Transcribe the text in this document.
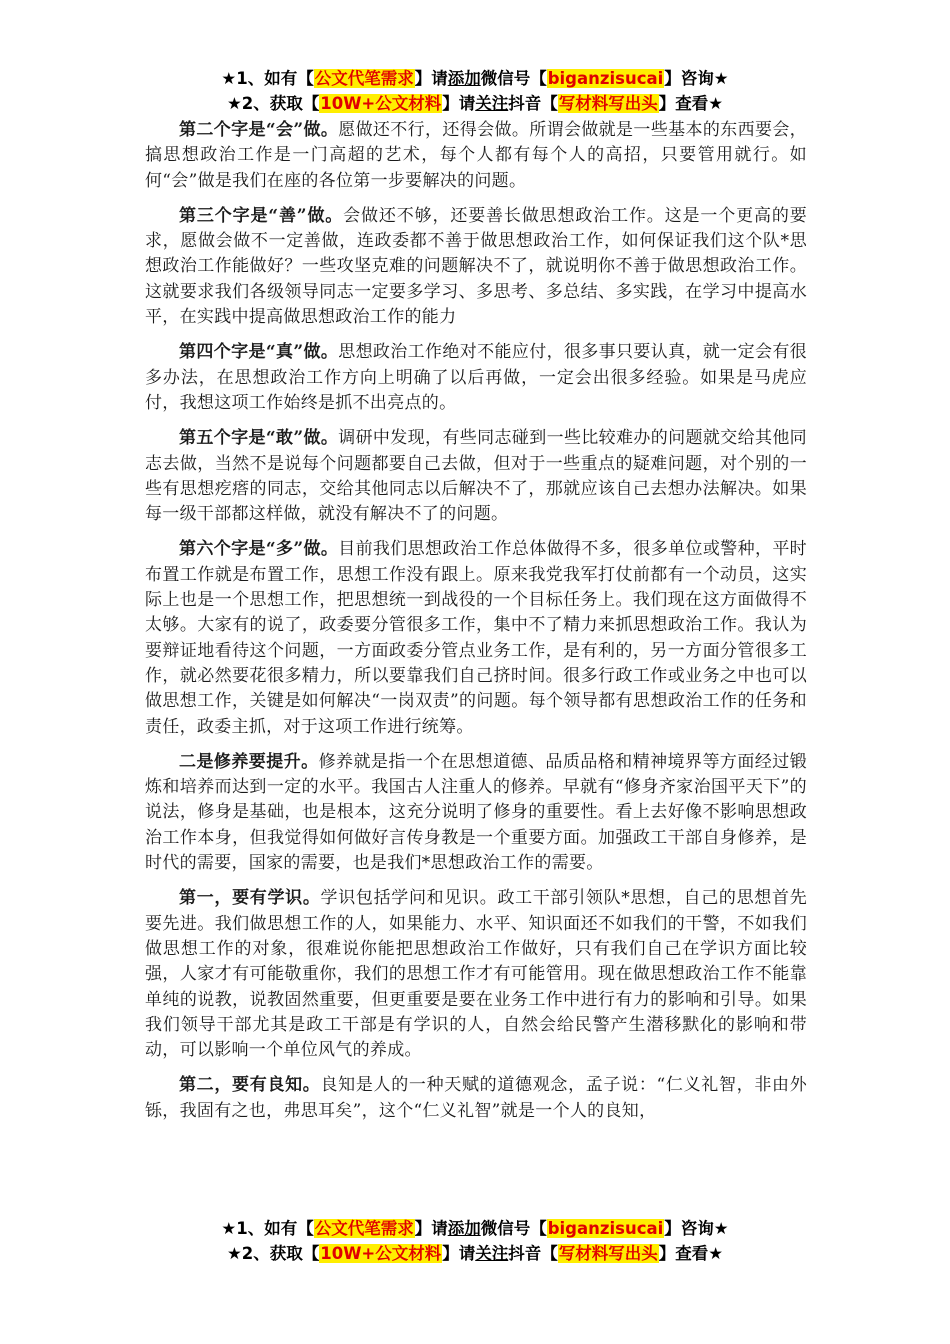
★1、如有【公文代笔需求】请添加微信号【biganzisucai】咨询★
★2、获取【10W+公文材料】请关注抖音【写材料写出头】查看★

第二个字是“会”做。愿做还不行，还得会做。所谓会做就是一些基本的东西要会，搞思想政治工作是一门高超的艺术，每个人都有每个人的高招，只要管用就行。如何“会”做是我们在座的各位第一步要解决的问题。

第三个字是“善”做。会做还不够，还要善长做思想政治工作。这是一个更高的要求，愿做会做不一定善做，连政委都不善于做思想政治工作，如何保证我们这个队*思想政治工作能做好？一些攻坚克难的问题解决不了，就说明你不善于做思想政治工作。这就要求我们各级领导同志一定要多学习、多思考、多总结、多实践，在学习中提高水平，在实践中提高做思想政治工作的能力

第四个字是“真”做。思想政治工作绝对不能应付，很多事只要认真，就一定会有很多办法，在思想政治工作方向上明确了以后再做，一定会出很多经验。如果是马虎应付，我想这项工作始终是抓不出亮点的。

第五个字是“敢”做。调研中发现，有些同志碰到一些比较难办的问题就交给其他同志去做，当然不是说每个问题都要自己去做，但对于一些重点的疑难问题，对个别的一些有思想疙瘩的同志，交给其他同志以后解决不了，那就应该自己去想办法解决。如果每一级干部都这样做，就没有解决不了的问题。

第六个字是“多”做。目前我们思想政治工作总体做得不多，很多单位或警种，平时布置工作就是布置工作，思想工作没有跟上。原来我党我军打仗前都有一个动员，这实际上也是一个思想工作，把思想统一到战役的一个目标任务上。我们现在这方面做得不太够。大家有的说了，政委要分管很多工作，集中不了精力来抓思想政治工作。我认为要辩证地看待这个问题，一方面政委分管点业务工作，是有利的，另一方面分管很多工作，就必然要花很多精力，所以要靠我们自己挤时间。很多行政工作或业务之中也可以做思想工作，关键是如何解决“一岗双责”的问题。每个领导都有思想政治工作的任务和责任，政委主抓，对于这项工作进行统筹。

二是修养要提升。修养就是指一个在思想道德、品质品格和精神境界等方面经过锻炼和培养而达到一定的水平。我国古人注重人的修养。早就有“修身齐家治国平天下”的说法，修身是基础，也是根本，这充分说明了修身的重要性。看上去好像不影响思想政治工作本身，但我觉得如何做好言传身教是一个重要方面。加强政工干部自身修养，是时代的需要，国家的需要，也是我们*思想政治工作的需要。

第一，要有学识。学识包括学问和见识。政工干部引领队*思想，自己的思想首先要先进。我们做思想工作的人，如果能力、水平、知识面还不如我们的干警，不如我们做思想工作的对象，很难说你能把思想政治工作做好，只有我们自己在学识方面比较强，人家才有可能敬重你，我们的思想工作才有可能管用。现在做思想政治工作不能靠单纯的说教，说教固然重要，但更重要是要在业务工作中进行有力的影响和引导。如果我们领导干部尤其是政工干部是有学识的人，自然会给民警产生潜移默化的影响和带动，可以影响一个单位风气的养成。

第二，要有良知。良知是人的一种天赋的道德观念，孟子说：“仁义礼智，非由外铄，我固有之也，弗思耳矣”，这个“仁义礼智”就是一个人的良知，

★1、如有【公文代笔需求】请添加微信号【biganzisucai】咨询★
★2、获取【10W+公文材料】请关注抖音【写材料写出头】查看★
